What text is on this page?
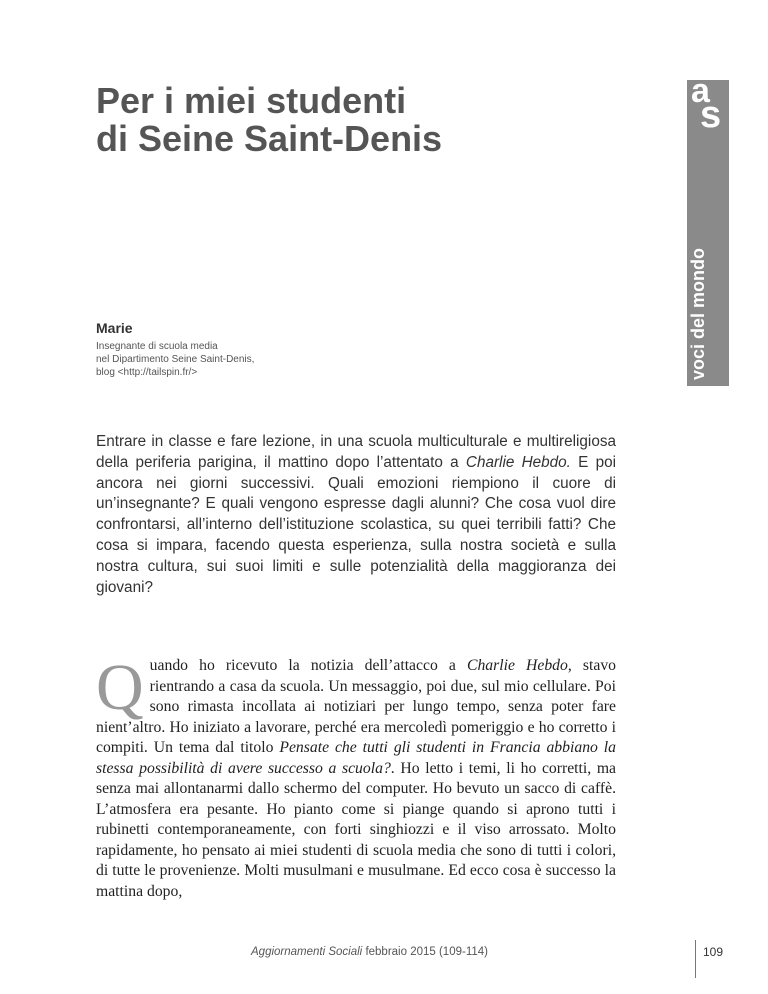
a
s
voci del mondo
Per i miei studenti
di Seine Saint-Denis
Marie
Insegnante di scuola media
nel Dipartimento Seine Saint-Denis,
blog <http://tailspin.fr/>

Entrare in classe e fare lezione, in una scuola multiculturale e multireligiosa della periferia parigina, il mattino dopo l’attentato a Charlie Hebdo. E poi ancora nei giorni successivi. Quali emozioni riempiono il cuore di un’insegnante? E quali vengono espresse dagli alunni? Che cosa vuol dire confrontarsi, all’interno dell’istituzione scolastica, su quei terribili fatti? Che cosa si impara, facendo questa esperienza, sulla nostra società e sulla nostra cultura, sui suoi limiti e sulle potenzialità della maggioranza dei giovani?

Quando ho ricevuto la notizia dell’attacco a Charlie Hebdo, stavo rientrando a casa da scuola. Un messaggio, poi due, sul mio cellulare. Poi sono rimasta incollata ai notiziari per lungo tempo, senza poter fare nient’altro. Ho iniziato a lavorare, perché era mercoledì pomeriggio e ho corretto i compiti. Un tema dal titolo Pensate che tutti gli studenti in Francia abbiano la stessa possibilità di avere successo a scuola?. Ho letto i temi, li ho corretti, ma senza mai allontanarmi dallo schermo del computer. Ho bevuto un sacco di caffè. L’atmosfera era pesante. Ho pianto come si piange quando si aprono tutti i rubinetti contemporaneamente, con forti singhiozzi e il viso arrossato. Molto rapidamente, ho pensato ai miei studenti di scuola media che sono di tutti i colori, di tutte le provenienze. Molti musulmani e musulmane. Ed ecco cosa è successo la mattina dopo,

Aggiornamenti Sociali febbraio 2015 (109-114)	109
